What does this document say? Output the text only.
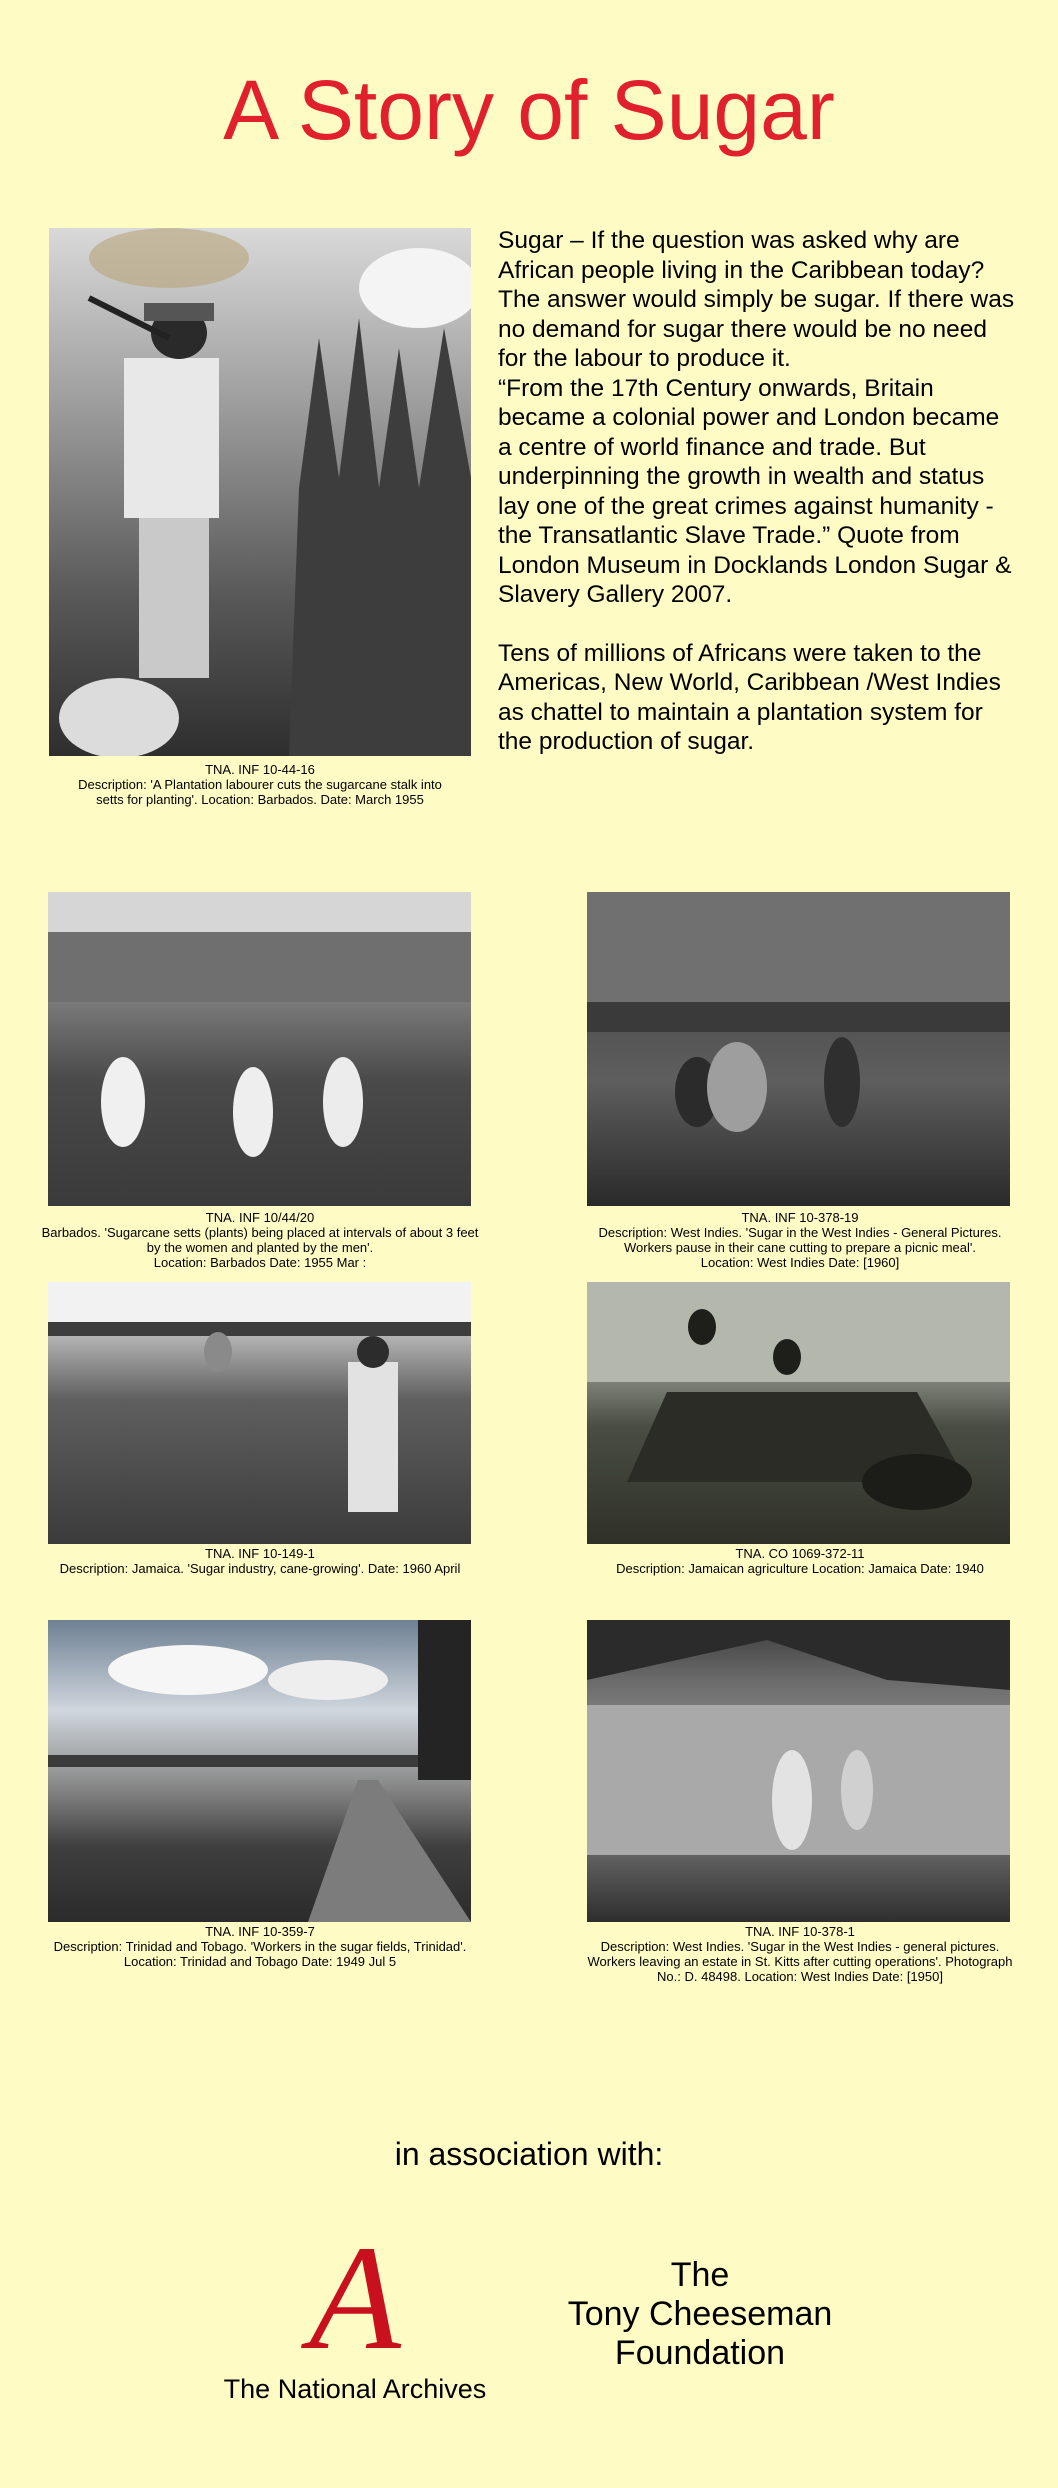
A Story of Sugar
TNA. INF 10-44-16
Description: 'A Plantation labourer cuts the sugarcane stalk into
setts for planting'. Location: Barbados. Date: March 1955

Sugar – If the question was asked why are African people living in the Caribbean today? The answer would simply be sugar. If there was no demand for sugar there would be no need for the labour to produce it.

“From the 17th Century onwards, Britain became a colonial power and London became a centre of world finance and trade. But underpinning the growth in wealth and status lay one of the great crimes against humanity - the Transatlantic Slave Trade.” Quote from London Museum in Docklands London Sugar & Slavery Gallery 2007.

Tens of millions of Africans were taken to the Americas, New World, Caribbean /West Indies as chattel to maintain a plantation system for the production of sugar.

TNA. INF 10/44/20
Barbados. 'Sugarcane setts (plants) being placed at intervals of about 3 feet
by the women and planted by the men'.
Location: Barbados Date: 1955 Mar :
TNA. INF 10-378-19
Description: West Indies. 'Sugar in the West Indies - General Pictures.
Workers pause in their cane cutting to prepare a picnic meal'.
Location: West Indies Date: [1960]
TNA. INF 10-149-1
Description: Jamaica. 'Sugar industry, cane-growing'. Date: 1960 April
TNA. CO 1069-372-11
Description: Jamaican agriculture Location: Jamaica Date: 1940
TNA. INF 10-359-7
Description: Trinidad and Tobago. 'Workers in the sugar fields, Trinidad'.
Location: Trinidad and Tobago Date: 1949 Jul 5
TNA. INF 10-378-1
Description: West Indies. 'Sugar in the West Indies - general pictures.
Workers leaving an estate in St. Kitts after cutting operations'. Photograph
No.: D. 48498. Location: West Indies Date: [1950]
in association with:
A
The National Archives
The
Tony Cheeseman
Foundation
